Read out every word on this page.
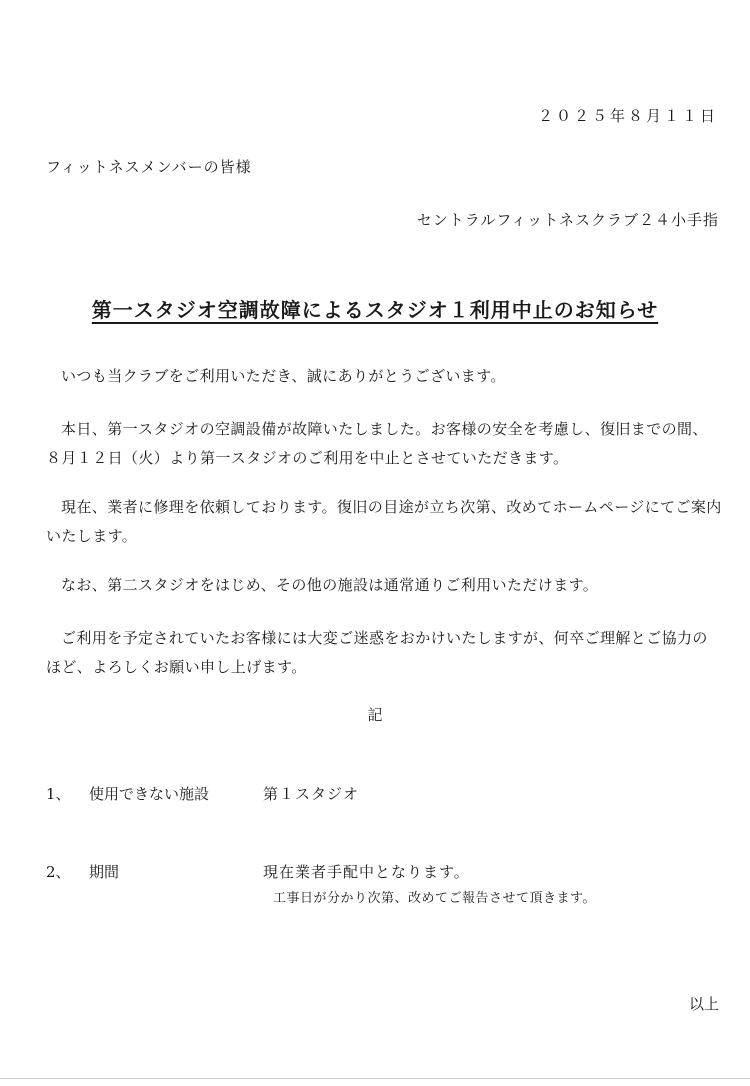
２０２５年８月１１日
フィットネスメンバーの皆様
セントラルフィットネスクラブ２４小手指
第一スタジオ空調故障によるスタジオ１利用中止のお知らせ
いつも当クラブをご利用いただき、誠にありがとうございます。
本日、第一スタジオの空調設備が故障いたしました。お客様の安全を考慮し、復旧までの間、８月１２日（火）より第一スタジオのご利用を中止とさせていただきます。
現在、業者に修理を依頼しております。復旧の目途が立ち次第、改めてホームページにてご案内いたします。
なお、第二スタジオをはじめ、その他の施設は通常通りご利用いただけます。
ご利用を予定されていたお客様には大変ご迷惑をおかけいたしますが、何卒ご理解とご協力のほど、よろしくお願い申し上げます。
記
1、 使用できない施設	第１スタジオ
2、 期間	現在業者手配中となります。
工事日が分かり次第、改めてご報告させて頂きます。
以上
